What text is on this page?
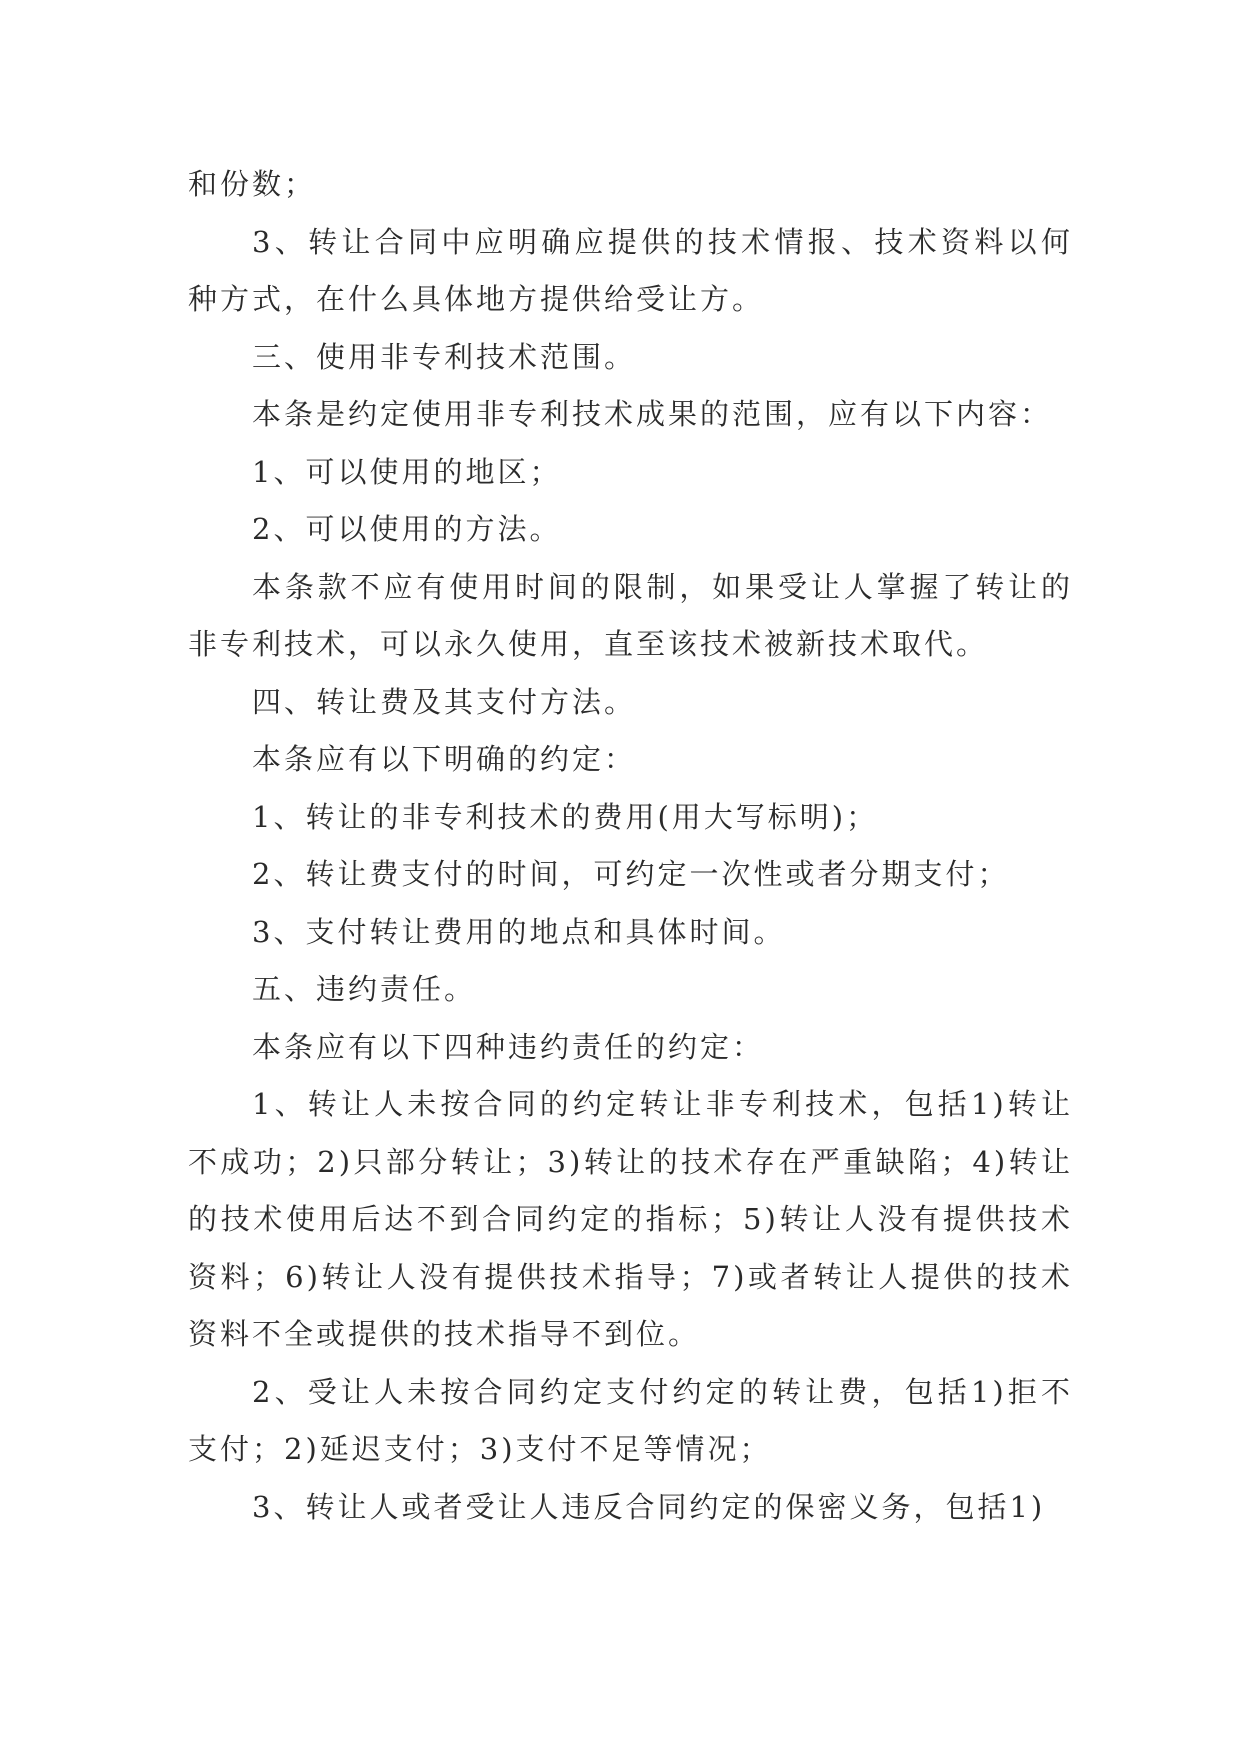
和份数；

3、转让合同中应明确应提供的技术情报、技术资料以何种方式，在什么具体地方提供给受让方。

三、使用非专利技术范围。

本条是约定使用非专利技术成果的范围，应有以下内容：

1、可以使用的地区；

2、可以使用的方法。

本条款不应有使用时间的限制，如果受让人掌握了转让的非专利技术，可以永久使用，直至该技术被新技术取代。

四、转让费及其支付方法。

本条应有以下明确的约定：

1、转让的非专利技术的费用(用大写标明)；

2、转让费支付的时间，可约定一次性或者分期支付；

3、支付转让费用的地点和具体时间。

五、违约责任。

本条应有以下四种违约责任的约定：

1、转让人未按合同的约定转让非专利技术，包括1)转让不成功；2)只部分转让；3)转让的技术存在严重缺陷；4)转让的技术使用后达不到合同约定的指标；5)转让人没有提供技术资料；6)转让人没有提供技术指导；7)或者转让人提供的技术资料不全或提供的技术指导不到位。

2、受让人未按合同约定支付约定的转让费，包括1)拒不支付；2)延迟支付；3)支付不足等情况；

3、转让人或者受让人违反合同约定的保密义务，包括1)
